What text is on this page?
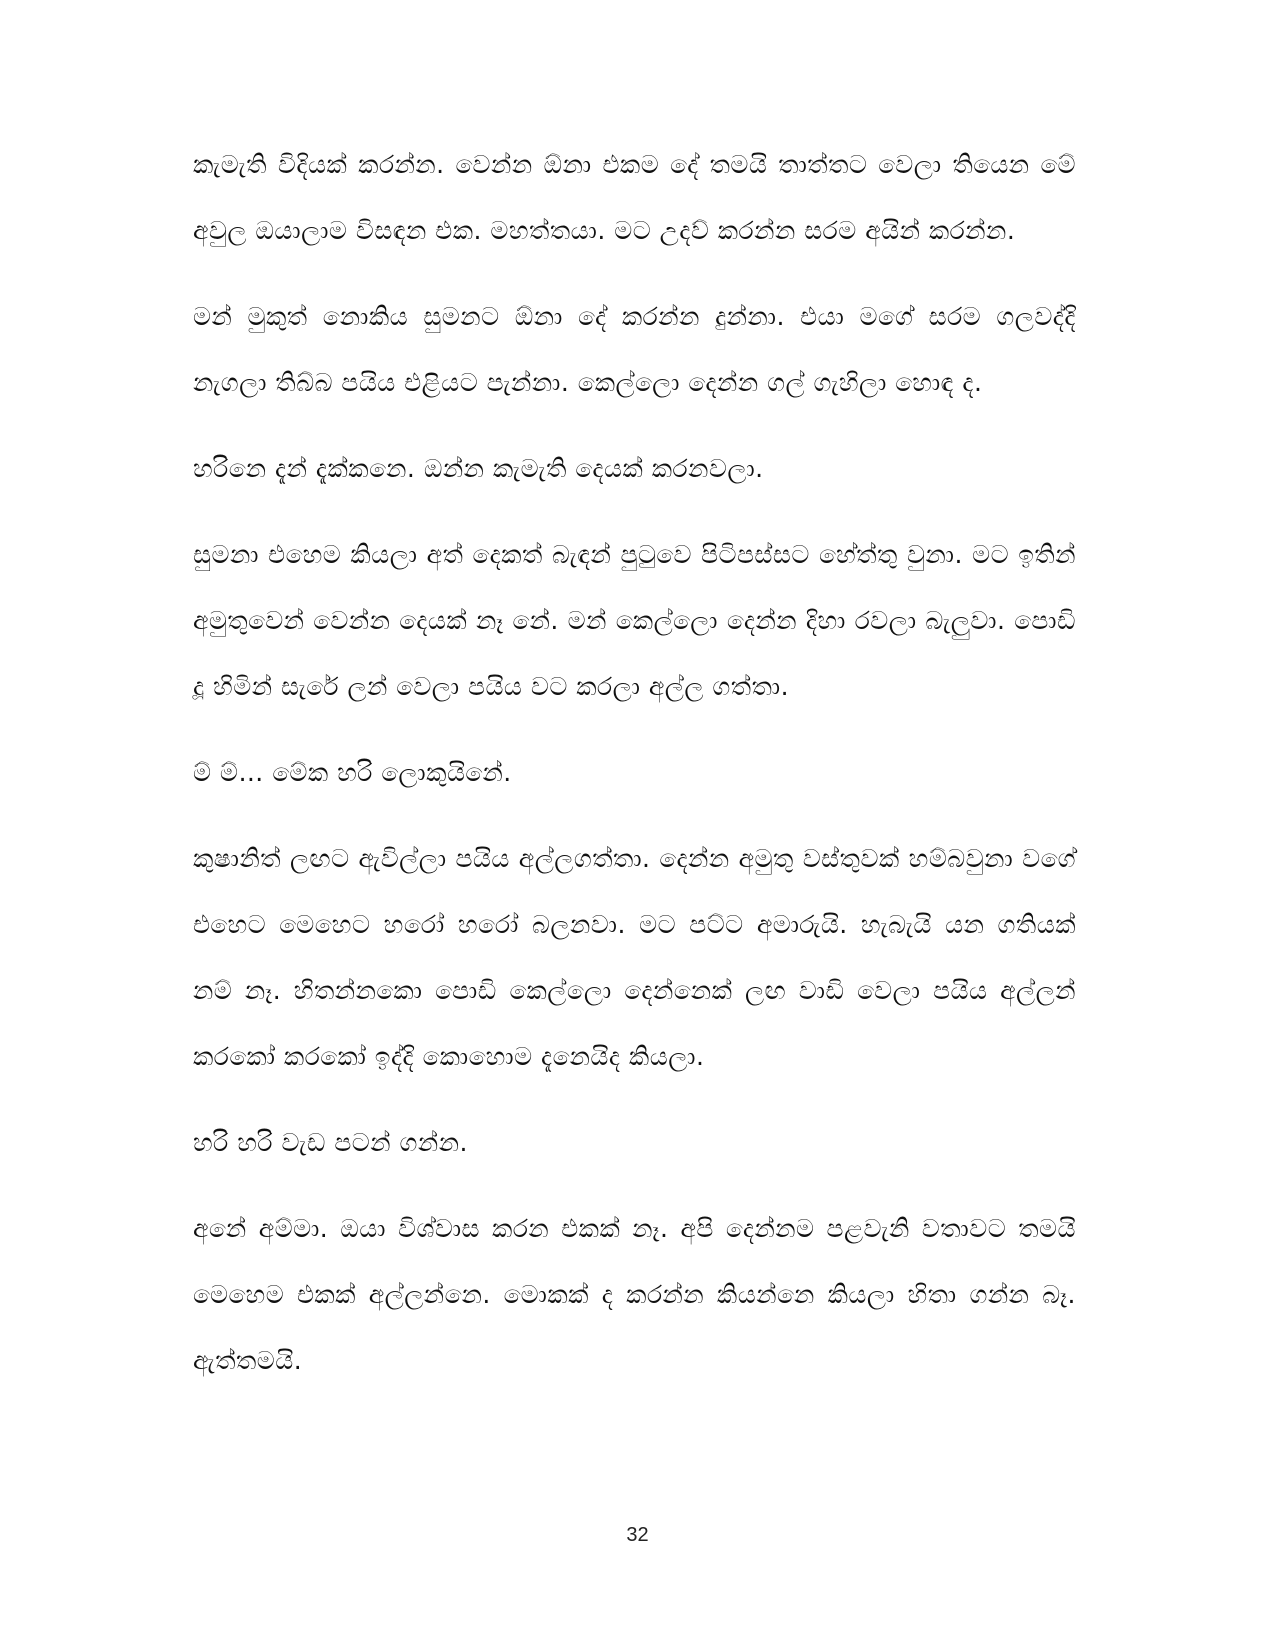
කැමැති විදියක් කරන්න. වෙන්න ඕනා එකම දේ තමයි තාත්තට වෙලා තියෙන මේ අවුල ඔයාලාම විසඳන එක. මහත්තයා. මට උදව් කරන්න සරම අයින් කරන්න.

මන් මුකුත් නොකිය සුමනට ඕනා දේ කරන්න දුන්නා. එයා මගේ සරම ගලවද්දි නැගලා තිබ්බ පයිය එළියට පැන්නා. කෙල්ලො දෙන්න ගල් ගැහිලා හොඳ ද.

හරිනෙ දැන් දැක්කනෙ. ඔන්න කැමැති දෙයක් කරනවලා.

සුමනා එහෙම කියලා අත් දෙකත් බැඳන් පුටුවෙ පිටිපස්සට හේත්තු වුනා. මට ඉතින් අමුතුවෙන් වෙන්න දෙයක් නෑ නේ. මන් කෙල්ලො දෙන්න දිහා රවලා බැලුවා. පොඩි දූ හිමින් සැරේ ලන් වෙලා පයිය වට කරලා අල්ල ගත්තා.

ම් ම්… මේක හරි ලොකුයිනේ.

කුෂානිත් ලඟට ඇවිල්ලා පයිය අල්ලගත්තා. දෙන්න අමුතු වස්තුවක් හම්බවුනා වගේ එහෙට මෙහෙට හරෝ හරෝ බලනවා. මට පට්ට අමාරුයි. හැබැයි යන ගතියක් නම් නෑ. හිතන්නකො පොඩි කෙල්ලො දෙන්නෙක් ලඟ වාඩි වෙලා පයිය අල්ලන් කරකෝ කරකෝ ඉද්දි කොහොම දැනෙයිද කියලා.

හරි හරි වැඩ පටන් ගන්න.

අනේ අම්මා. ඔයා විශ්වාස කරන එකක් නෑ. අපි දෙන්නම පළවැනි වතාවට තමයි මෙහෙම එකක් අල්ලන්නෙ. මොකක් ද කරන්න කියන්නෙ කියලා හිතා ගන්න බෑ. ඇත්තමයි.

32
